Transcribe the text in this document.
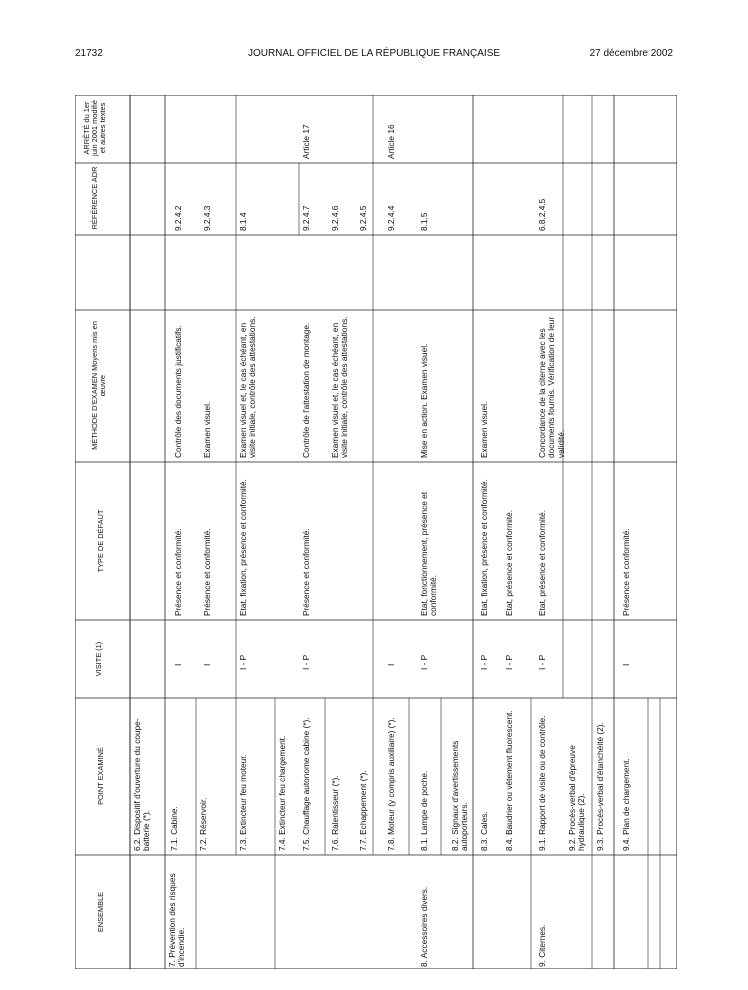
21732	JOURNAL OFFICIEL DE LA RÉPUBLIQUE FRANÇAISE	27 décembre 2002
ARRÊTÉ du 1er juin 2001 modifié et autres textes
RÉFÉRENCE ADR
MÉTHODE D'EXAMEN Moyens mis en œuvre
TYPE DE DÉFAUT
VISITE (1)
POINT EXAMINÉ
ENSEMBLE
6.2. Dispositif d'ouverture du coupe-batterie (*).
7. Prévention des risques d'incendie.
7.1. Cabine.
I
Présence et conformité.
Contrôle des documents justificatifs.
9.2.4.2
7.2. Réservoir.
I
Présence et conformité.
Examen visuel.
9.2.4.3
7.3. Extincteur feu moteur.
I - P
Etat, fixation, présence et conformité.
Examen visuel et, le cas échéant, en visite initiale, contrôle des attestations.
8.1.4
7.4. Extincteur feu chargement. 7.5. Chauffage autonome cabine (*).
I - P
Présence et conformité.
Contrôle de l'attestation de montage.
9.2.4.7
Article 17
7.6. Ralentisseur (*).
Examen visuel et, le cas échéant, en visite initiale, contrôle des attestations.
9.2.4.6
7.7. Echappement (*).
9.2.4.5
7.8. Moteur (y compris auxiliaire) (*).
I
9.2.4.4
Article 16
8. Accessoires divers.
8.1. Lampe de poche.
I - P
Etat, fonctionnement, présence et conformité.
Mise en action. Examen visuel.
8.1.5
8.2. Signaux d'avertissements autoporteurs. 8.3. Cales.
I - P
Etat, fixation, présence et conformité.
Examen visuel.
8.4. Baudrier ou vêtement fluorescent.
I - P
Etat, présence et conformité.
9. Citernes.
9.1. Rapport de visite ou de contrôle.
I - P
Etat, présence et conformité.
Concordance de la citerne avec les documents fournis. Vérification de leur validité.
6.8.2.4.5
9.2. Procès-verbal d'épreuve hydraulique (2). 9.3. Procès-verbal d'étanchéité (2). 9.4. Plan de chargement.
I
Présence et conformité.
